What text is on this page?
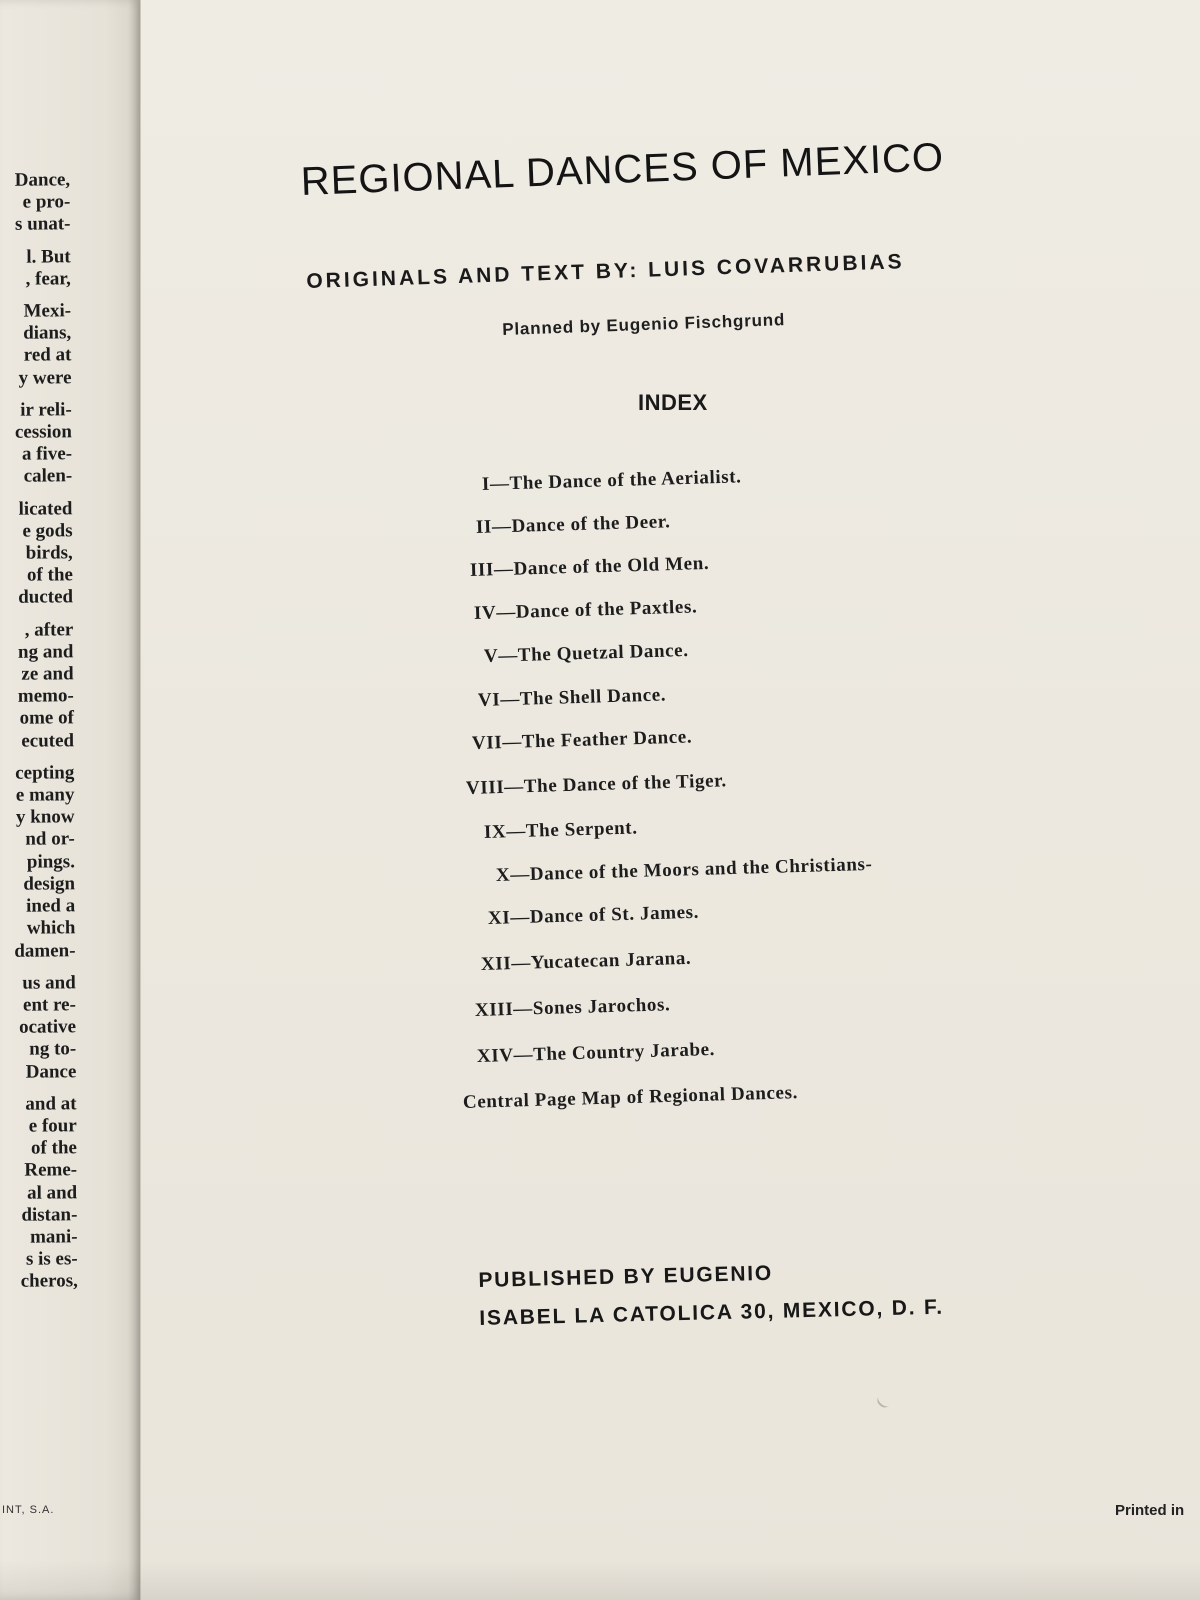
Dance,
e pro-
s unat-
l. But
, fear,
Mexi-
dians,
red at
y were
ir reli-
cession
a five-
calen-
licated
e gods
birds,
of the
ducted
, after
ng and
ze and
memo-
ome of
ecuted
cepting
e many
y know
nd or-
pings.
design
ined a
which
damen-
us and
ent re-
ocative
ng to-
Dance
and at
e four
of the
Reme-
al and
distan-
mani-
s is es-
cheros,
INT, S.A.
REGIONAL DANCES OF MEXICO
ORIGINALS AND TEXT BY: LUIS COVARRUBIAS
Planned by Eugenio Fischgrund
INDEX
I—The Dance of the Aerialist.
II—Dance of the Deer.
III—Dance of the Old Men.
IV—Dance of the Paxtles.
V—The Quetzal Dance.
VI—The Shell Dance.
VII—The Feather Dance.
VIII—The Dance of the Tiger.
IX—The Serpent.
X—Dance of the Moors and the Christians-
XI—Dance of St. James.
XII—Yucatecan Jarana.
XIII—Sones Jarochos.
XIV—The Country Jarabe.
Central Page Map of Regional Dances.
PUBLISHED BY EUGENIO
ISABEL LA CATOLICA 30, MEXICO, D. F.
Printed in
